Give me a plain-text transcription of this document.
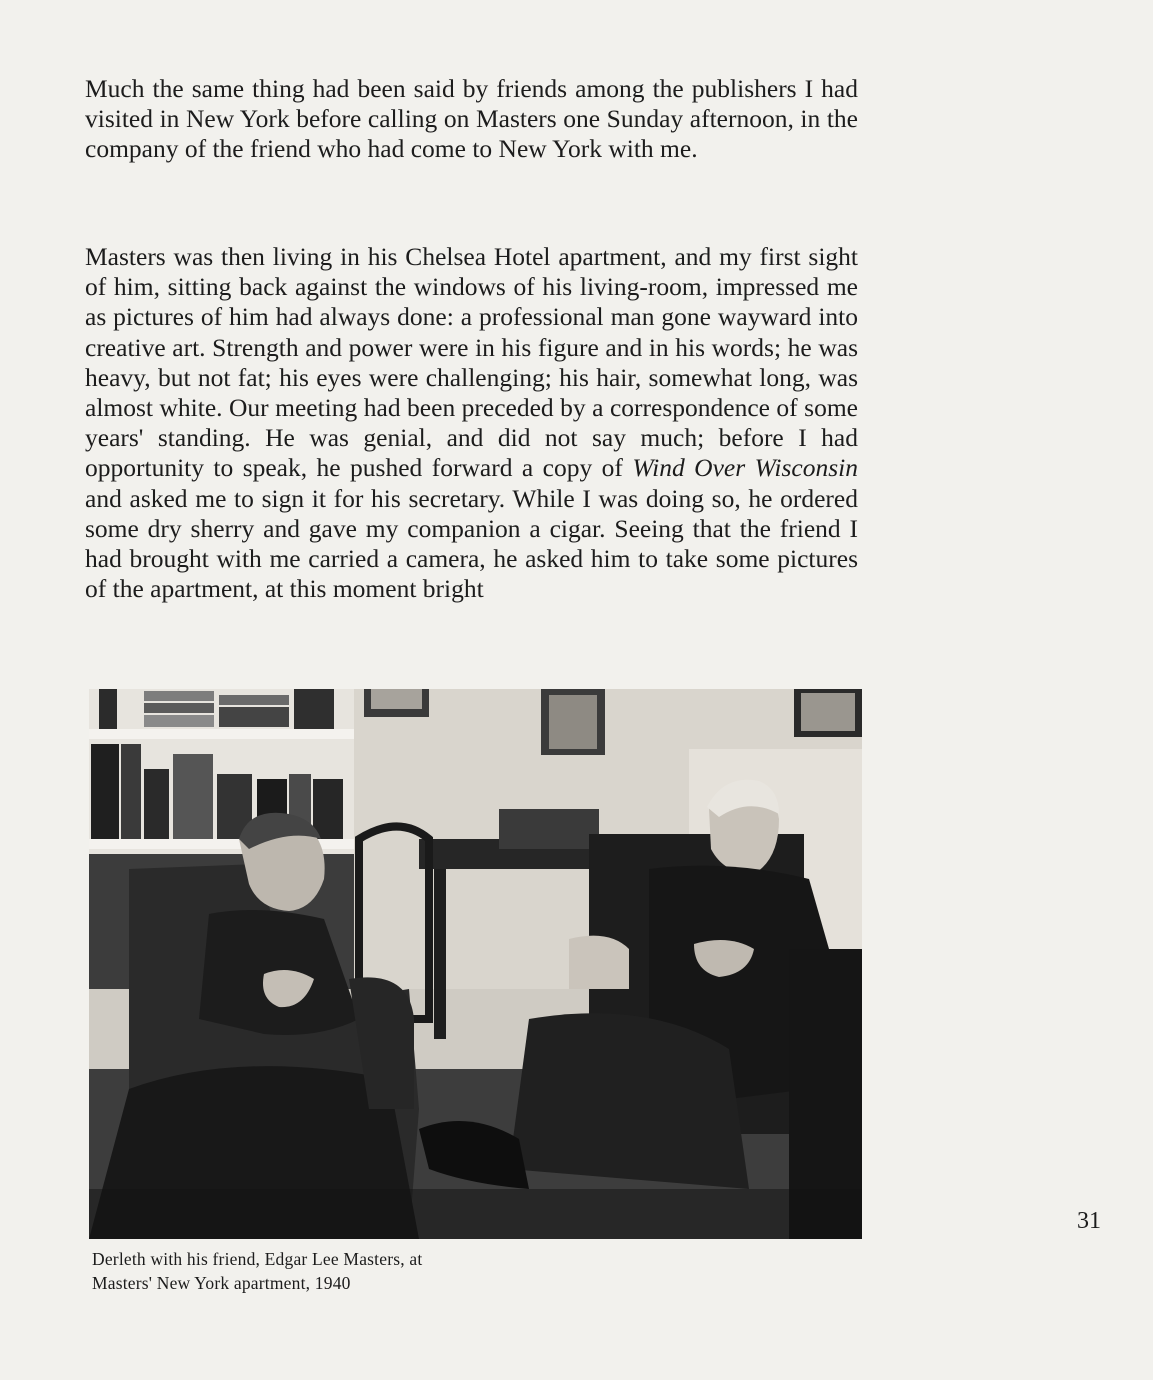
Much the same thing had been said by friends among the publishers I had visited in New York before calling on Masters one Sunday afternoon, in the company of the friend who had come to New York with me.

Masters was then living in his Chelsea Hotel apartment, and my first sight of him, sitting back against the windows of his living-room, impressed me as pictures of him had always done: a professional man gone wayward into creative art. Strength and power were in his figure and in his words; he was heavy, but not fat; his eyes were challenging; his hair, somewhat long, was almost white. Our meeting had been preceded by a correspondence of some years' standing. He was genial, and did not say much; before I had opportunity to speak, he pushed forward a copy of Wind Over Wisconsin and asked me to sign it for his secretary. While I was doing so, he ordered some dry sherry and gave my companion a cigar. Seeing that the friend I had brought with me carried a camera, he asked him to take some pictures of the apartment, at this moment bright

Derleth with his friend, Edgar Lee Masters, at
Masters' New York apartment, 1940
31
